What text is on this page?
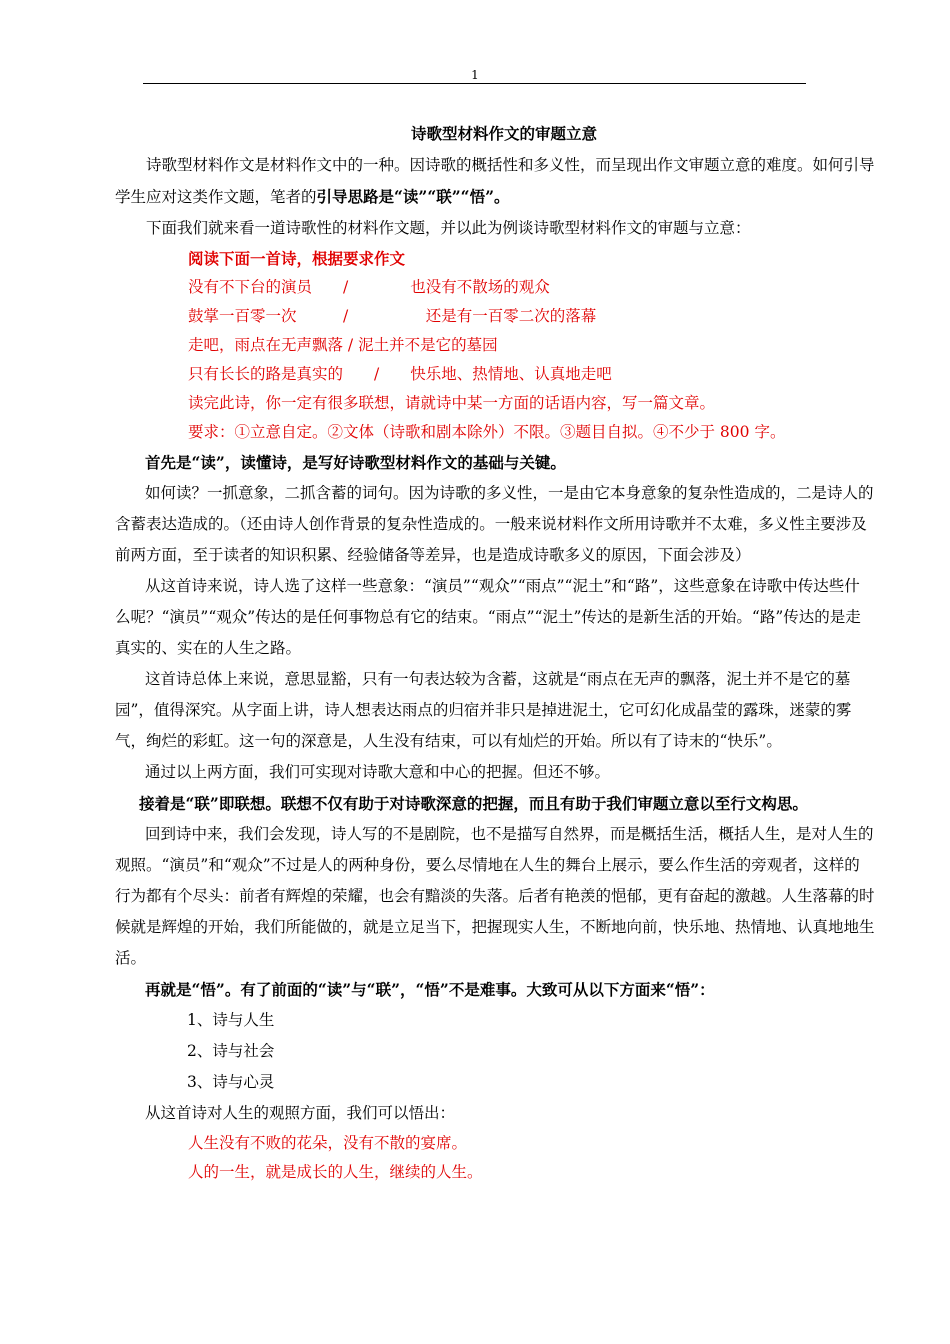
1
诗歌型材料作文的审题立意

诗歌型材料作文是材料作文中的一种。因诗歌的概括性和多义性，而呈现出作文审题立意的难度。如何引导学生应对这类作文题，笔者的引导思路是“读”“联”“悟”。

下面我们就来看一道诗歌性的材料作文题，并以此为例谈诗歌型材料作文的审题与立意：

阅读下面一首诗，根据要求作文

没有不下台的演员　　/　　　　也没有不散场的观众

鼓掌一百零一次　　　/　　　　　还是有一百零二次的落幕

走吧，雨点在无声飘落 / 泥土并不是它的墓园

只有长长的路是真实的　　/　　快乐地、热情地、认真地走吧

读完此诗，你一定有很多联想，请就诗中某一方面的话语内容，写一篇文章。

要求：①立意自定。②文体（诗歌和剧本除外）不限。③题目自拟。④不少于 800 字。

首先是“读”，读懂诗，是写好诗歌型材料作文的基础与关键。

如何读？一抓意象，二抓含蓄的词句。因为诗歌的多义性，一是由它本身意象的复杂性造成的，二是诗人的含蓄表达造成的。（还由诗人创作背景的复杂性造成的。一般来说材料作文所用诗歌并不太难，多义性主要涉及前两方面，至于读者的知识积累、经验储备等差异，也是造成诗歌多义的原因，下面会涉及）

从这首诗来说，诗人选了这样一些意象：“演员”“观众”“雨点”“泥土”和“路”，这些意象在诗歌中传达些什么呢？“演员”“观众”传达的是任何事物总有它的结束。“雨点”“泥土”传达的是新生活的开始。“路”传达的是走真实的、实在的人生之路。

这首诗总体上来说，意思显豁，只有一句表达较为含蓄，这就是“雨点在无声的飘落，泥土并不是它的墓园”，值得深究。从字面上讲，诗人想表达雨点的归宿并非只是掉进泥土，它可幻化成晶莹的露珠，迷蒙的雾气，绚烂的彩虹。这一句的深意是，人生没有结束，可以有灿烂的开始。所以有了诗末的“快乐”。

通过以上两方面，我们可实现对诗歌大意和中心的把握。但还不够。

接着是“联”即联想。联想不仅有助于对诗歌深意的把握，而且有助于我们审题立意以至行文构思。

回到诗中来，我们会发现，诗人写的不是剧院，也不是描写自然界，而是概括生活，概括人生，是对人生的观照。“演员”和“观众”不过是人的两种身份，要么尽情地在人生的舞台上展示，要么作生活的旁观者，这样的行为都有个尽头：前者有辉煌的荣耀，也会有黯淡的失落。后者有艳羡的悒郁，更有奋起的激越。人生落幕的时候就是辉煌的开始，我们所能做的，就是立足当下，把握现实人生，不断地向前，快乐地、热情地、认真地地生活。

再就是“悟”。有了前面的“读”与“联”，“悟”不是难事。大致可从以下方面来“悟”：

1、诗与人生

2、诗与社会

3、诗与心灵

从这首诗对人生的观照方面，我们可以悟出：

人生没有不败的花朵，没有不散的宴席。

人的一生，就是成长的人生，继续的人生。
